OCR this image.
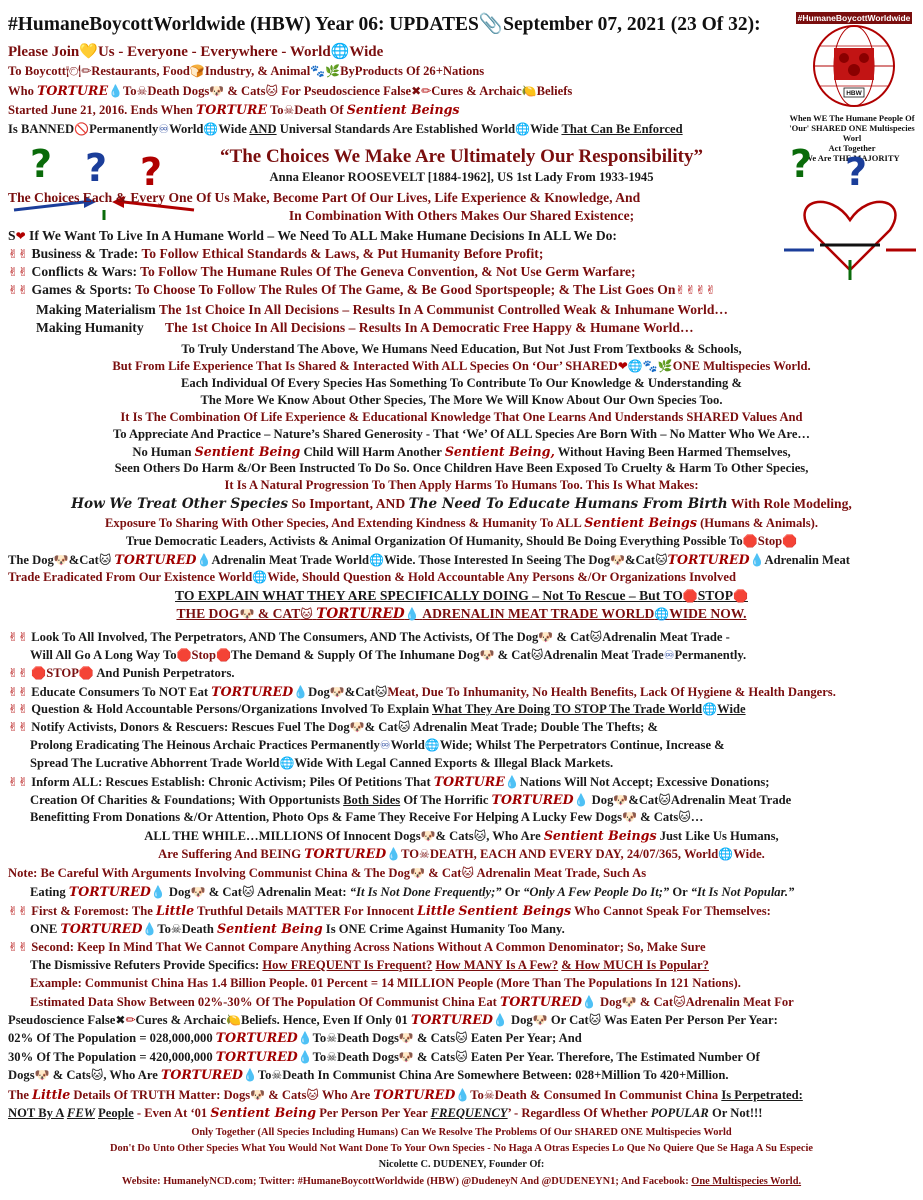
#HumaneBoycottWorldwide (HBW) Year 06: UPDATES📎September 07, 2021 (23 Of 32):	#HumaneBoycottWorldwide
HBW
When WE The Humane People Of
'Our' SHARED ONE Multispecies Worl
Act Together
We Are THE MAJORITY
Please Join💛Us - Everyone - Everywhere - World🌐Wide
To Boycott🍽✏Restaurants, Food🍞Industry, & Animal🐾🌿ByProducts Of 26+Nations
Who TORTURE💧To☠Death Dogs🐶 & Cats🐱 For Pseudoscience False✖✏Cures & Archaic🍋Beliefs
Started June 21, 2016. Ends When TORTURE To☠Death Of Sentient Beings
Is BANNED🚫Permanently♾World🌐Wide AND Universal Standards Are Established World🌐Wide That Can Be Enforced
? ? ?	? ?
“The Choices We Make Are Ultimately Our Responsibility”
Anna Eleanor ROOSEVELT [1884-1962], US 1st Lady From 1933-1945
The Choices Each & Every One Of Us Make, Become Part Of Our Lives, Life Experience & Knowledge, And
In Combination With Others Makes Our Shared Existence;
S❤ If We Want To Live In A Humane World – We Need To ALL Make Humane Decisions In ALL We Do:
✌✌ Business & Trade: To Follow Ethical Standards & Laws, & Put Humanity Before Profit;
✌✌ Conflicts & Wars: To Follow The Humane Rules Of The Geneva Convention, & Not Use Germ Warfare;
✌✌ Games & Sports: To Choose To Follow The Rules Of The Game, & Be Good Sportspeople; & The List Goes On✌✌✌✌
Making Materialism The 1st Choice In All Decisions – Results In A Communist Controlled Weak & Inhumane World…
Making Humanity The 1st Choice In All Decisions – Results In A Democratic Free Happy & Humane World…
To Truly Understand The Above, We Humans Need Education, But Not Just From Textbooks & Schools,
But From Life Experience That Is Shared & Interacted With ALL Species On ‘Our’ SHARED❤🌐🐾🌿ONE Multispecies World.
Each Individual Of Every Species Has Something To Contribute To Our Knowledge & Understanding &
The More We Know About Other Species, The More We Will Know About Our Own Species Too.
It Is The Combination Of Life Experience & Educational Knowledge That One Learns And Understands SHARED Values And
To Appreciate And Practice – Nature’s Shared Generosity - That ‘We’ Of ALL Species Are Born With – No Matter Who We Are…
No Human Sentient Being Child Will Harm Another Sentient Being, Without Having Been Harmed Themselves,
Seen Others Do Harm &/Or Been Instructed To Do So. Once Children Have Been Exposed To Cruelty & Harm To Other Species,
It Is A Natural Progression To Then Apply Harms To Humans Too. This Is What Makes:
How We Treat Other Species So Important, AND The Need To Educate Humans From Birth With Role Modeling,
Exposure To Sharing With Other Species, And Extending Kindness & Humanity To ALL Sentient Beings (Humans & Animals).
True Democratic Leaders, Activists & Animal Organization Of Humanity, Should Be Doing Everything Possible To🛑Stop🛑
The Dog🐶&Cat🐱 TORTURED💧Adrenalin Meat Trade World🌐Wide. Those Interested In Seeing The Dog🐶&Cat🐱TORTURED💧Adrenalin Meat
Trade Eradicated From Our Existence World🌐Wide, Should Question & Hold Accountable Any Persons &/Or Organizations Involved
TO EXPLAIN WHAT THEY ARE SPECIFICALLY DOING – Not To Rescue – But TO🛑STOP🛑
THE DOG🐶 & CAT🐱 TORTURED💧 ADRENALIN MEAT TRADE WORLD🌐WIDE NOW.
✌✌ Look To All Involved, The Perpetrators, AND The Consumers, AND The Activists, Of The Dog🐶 & Cat🐱Adrenalin Meat Trade -
Will All Go A Long Way To🛑Stop🛑The Demand & Supply Of The Inhumane Dog🐶 & Cat🐱Adrenalin Meat Trade♾Permanently.
✌✌ 🛑STOP🛑 And Punish Perpetrators.
✌✌ Educate Consumers To NOT Eat TORTURED💧Dog🐶&Cat🐱Meat, Due To Inhumanity, No Health Benefits, Lack Of Hygiene & Health Dangers.
✌✌ Question & Hold Accountable Persons/Organizations Involved To Explain What They Are Doing TO STOP The Trade World🌐Wide
✌✌ Notify Activists, Donors & Rescuers: Rescues Fuel The Dog🐶& Cat🐱 Adrenalin Meat Trade; Double The Thefts; &
Prolong Eradicating The Heinous Archaic Practices Permanently♾World🌐Wide; Whilst The Perpetrators Continue, Increase &
Spread The Lucrative Abhorrent Trade World🌐Wide With Legal Canned Exports & Illegal Black Markets.
✌✌ Inform ALL: Rescues Establish: Chronic Activism; Piles Of Petitions That TORTURE💧Nations Will Not Accept; Excessive Donations;
Creation Of Charities & Foundations; With Opportunists Both Sides Of The Horrific TORTURED💧 Dog🐶&Cat🐱Adrenalin Meat Trade
Benefitting From Donations &/Or Attention, Photo Ops & Fame They Receive For Helping A Lucky Few Dogs🐶 & Cats🐱…
ALL THE WHILE…MILLIONS Of Innocent Dogs🐶& Cats🐱, Who Are Sentient Beings Just Like Us Humans,
Are Suffering And BEING TORTURED💧TO☠DEATH, EACH AND EVERY DAY, 24/07/365, World🌐Wide.
Note: Be Careful With Arguments Involving Communist China & The Dog🐶 & Cat🐱 Adrenalin Meat Trade, Such As
Eating TORTURED💧 Dog🐶 & Cat🐱 Adrenalin Meat: “It Is Not Done Frequently;” Or “Only A Few People Do It;” Or “It Is Not Popular.”
✌✌ First & Foremost: The Little Truthful Details MATTER For Innocent Little Sentient Beings Who Cannot Speak For Themselves:
ONE TORTURED💧To☠Death Sentient Being Is ONE Crime Against Humanity Too Many.
✌✌ Second: Keep In Mind That We Cannot Compare Anything Across Nations Without A Common Denominator; So, Make Sure
The Dismissive Refuters Provide Specifics: How FREQUENT Is Frequent? How MANY Is A Few? & How MUCH Is Popular?
Example: Communist China Has 1.4 Billion People. 01 Percent = 14 MILLION People (More Than The Populations In 121 Nations).
Estimated Data Show Between 02%-30% Of The Population Of Communist China Eat TORTURED💧 Dog🐶 & Cat🐱Adrenalin Meat For
Pseudoscience False✖✏Cures & Archaic🍋Beliefs. Hence, Even If Only 01 TORTURED💧 Dog🐶 Or Cat🐱 Was Eaten Per Person Per Year:
02% Of The Population = 028,000,000 TORTURED💧To☠Death Dogs🐶 & Cats🐱 Eaten Per Year; And
30% Of The Population = 420,000,000 TORTURED💧To☠Death Dogs🐶 & Cats🐱 Eaten Per Year. Therefore, The Estimated Number Of
Dogs🐶 & Cats🐱, Who Are TORTURED💧To☠Death In Communist China Are Somewhere Between: 028+Million To 420+Million.
The Little Details Of TRUTH Matter: Dogs🐶 & Cats🐱 Who Are TORTURED💧To☠Death & Consumed In Communist China Is Perpetrated:
NOT By A FEW People - Even At ‘01 Sentient Being Per Person Per Year FREQUENCY’ - Regardless Of Whether POPULAR Or Not!!!
Only Together (All Species Including Humans) Can We Resolve The Problems Of Our SHARED ONE Multispecies World
Don't Do Unto Other Species What You Would Not Want Done To Your Own Species - No Haga A Otras Especies Lo Que No Quiere Que Se Haga A Su Especie
Nicolette C. DUDENEY, Founder Of:
Website: HumanelyNCD.com; Twitter: #HumaneBoycottWorldwide (HBW) @DudeneyN And @DUDENEYN1; And Facebook: One Multispecies World.
